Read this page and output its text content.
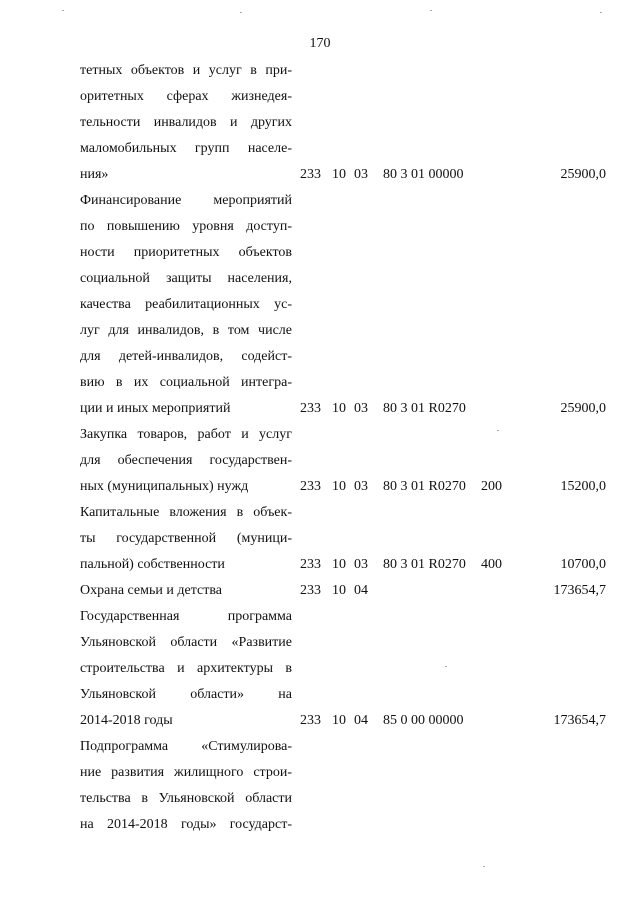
170
тетных объектов и услуг в при-
оритетных сферах жизнедея-
тельности инвалидов и других
маломобильных групп населе-
ния»	233 10 03 80 3 01 00000	25900,0
Финансирование мероприятий
по повышению уровня доступ-
ности приоритетных объектов
социальной защиты населения,
качества реабилитационных ус-
луг для инвалидов, в том числе
для детей-инвалидов, содейст-
вию в их социальной интегра-
ции и иных мероприятий	233 10 03 80 3 01 R0270	25900,0
Закупка товаров, работ и услуг
для обеспечения государствен-
ных (муниципальных) нужд	233 10 03 80 3 01 R0270 200	15200,0
Капитальные вложения в объек-
ты государственной (муници-
пальной) собственности	233 10 03 80 3 01 R0270 400	10700,0
Охрана семьи и детства	233 10 04	173654,7
Государственная программа
Ульяновской области «Развитие
строительства и архитектуры в
Ульяновской области» на
2014-2018 годы	233 10 04 85 0 00 00000	173654,7
Подпрограмма «Стимулирова-
ние развития жилищного строи-
тельства в Ульяновской области
на 2014-2018 годы» государст-
